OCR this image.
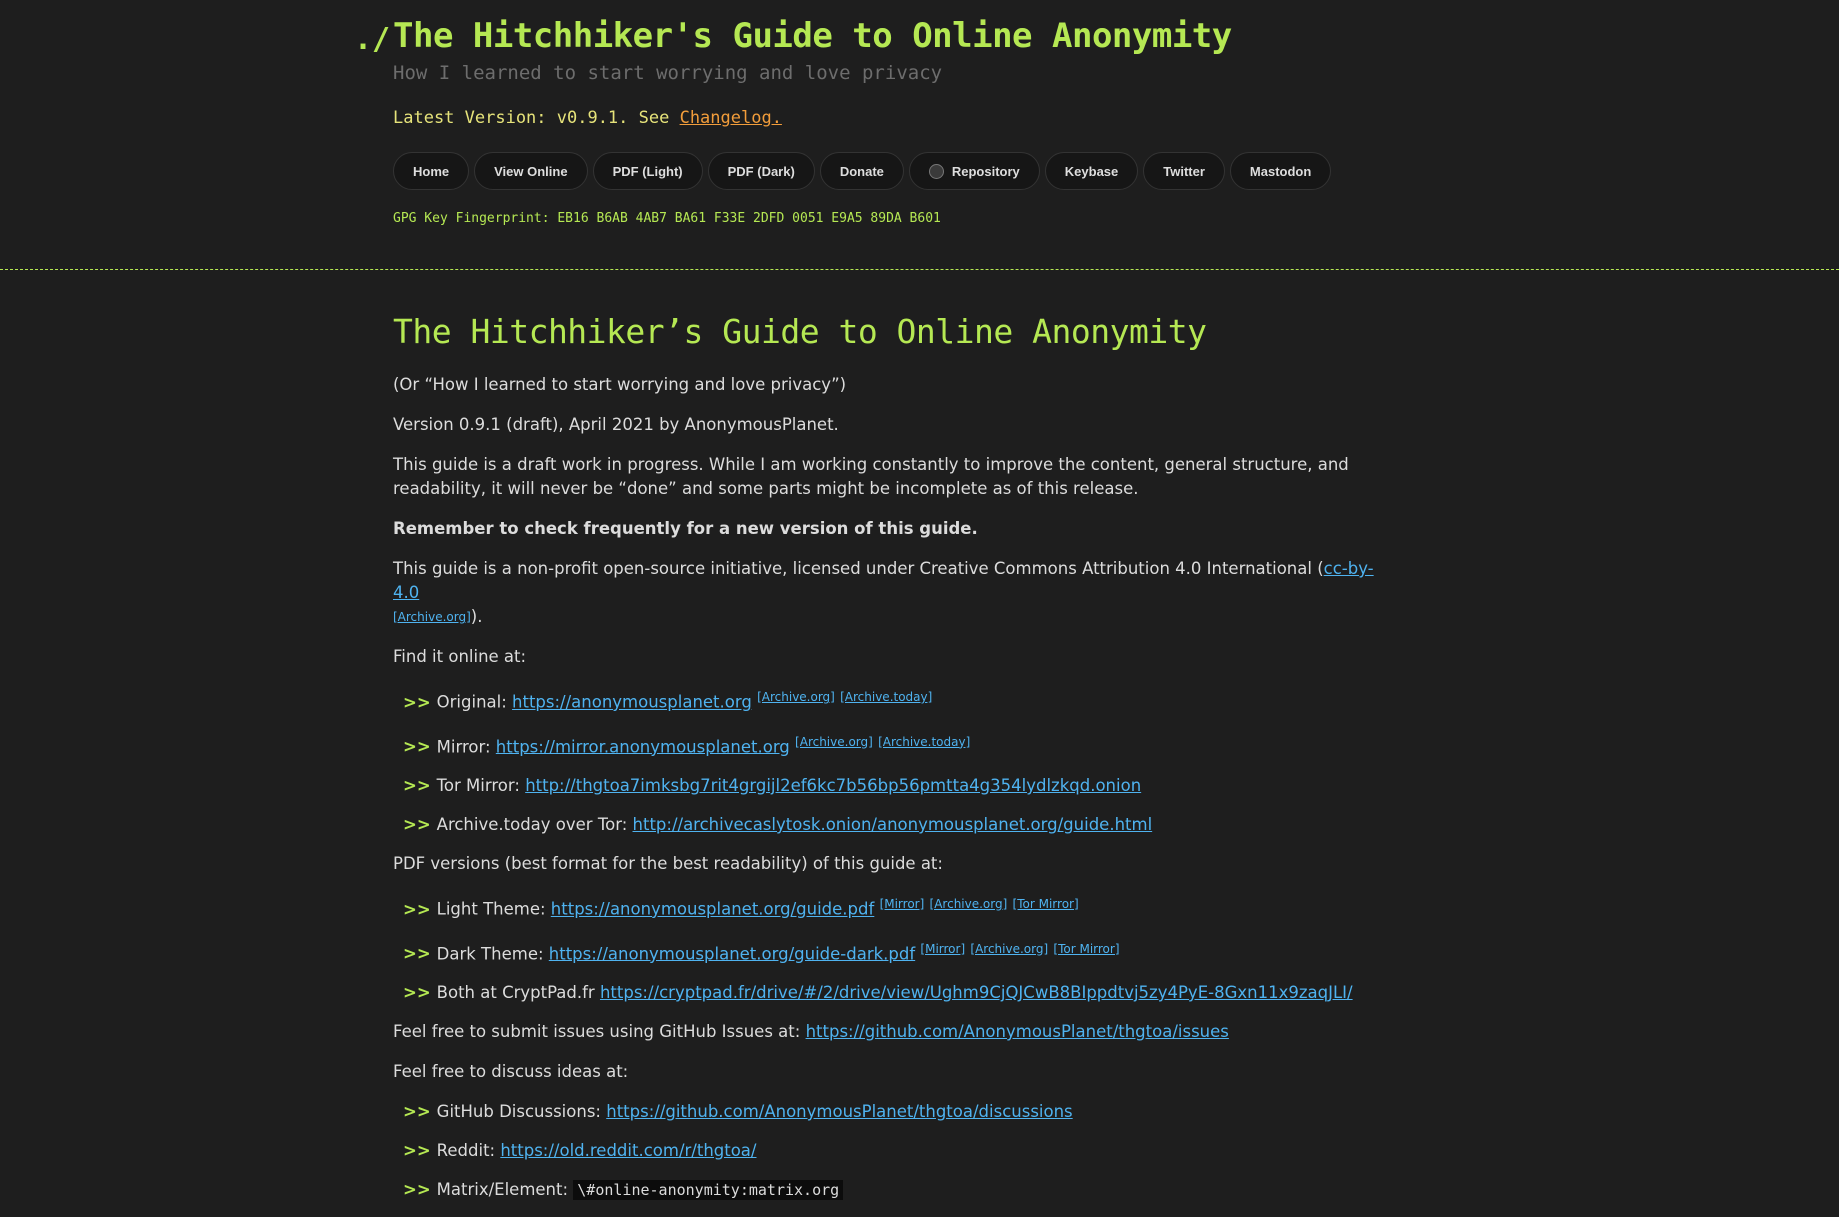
./ The Hitchhiker's Guide to Online Anonymity
How I learned to start worrying and love privacy
Latest Version: v0.9.1. See Changelog.
Home	View Online	PDF (Light)	PDF (Dark)	Donate	Repository	Keybase	Twitter	Mastodon
GPG Key Fingerprint: EB16 B6AB 4AB7 BA61 F33E 2DFD 0051 E9A5 89DA B601
The Hitchhiker’s Guide to Online Anonymity

(Or “How I learned to start worrying and love privacy”)

Version 0.9.1 (draft), April 2021 by AnonymousPlanet.

This guide is a draft work in progress. While I am working constantly to improve the content, general structure, and readability, it will never be “done” and some parts might be incomplete as of this release.

Remember to check frequently for a new version of this guide.

This guide is a non-profit open-source initiative, licensed under Creative Commons Attribution 4.0 International (cc-by-4.0
[Archive.org]).

Find it online at:

>> Original: https://anonymousplanet.org [Archive.org] [Archive.today]
>> Mirror: https://mirror.anonymousplanet.org [Archive.org] [Archive.today]
>> Tor Mirror: http://thgtoa7imksbg7rit4grgijl2ef6kc7b56bp56pmtta4g354lydlzkqd.onion
>> Archive.today over Tor: http://archivecaslytosk.onion/anonymousplanet.org/guide.html

PDF versions (best format for the best readability) of this guide at:

>> Light Theme: https://anonymousplanet.org/guide.pdf [Mirror] [Archive.org] [Tor Mirror]
>> Dark Theme: https://anonymousplanet.org/guide-dark.pdf [Mirror] [Archive.org] [Tor Mirror]
>> Both at CryptPad.fr https://cryptpad.fr/drive/#/2/drive/view/Ughm9CjQJCwB8BIppdtvj5zy4PyE-8Gxn11x9zaqJLI/

Feel free to submit issues using GitHub Issues at: https://github.com/AnonymousPlanet/thgtoa/issues

Feel free to discuss ideas at:

>> GitHub Discussions: https://github.com/AnonymousPlanet/thgtoa/discussions
>> Reddit: https://old.reddit.com/r/thgtoa/
>> Matrix/Element: \#online-anonymity:matrix.org
